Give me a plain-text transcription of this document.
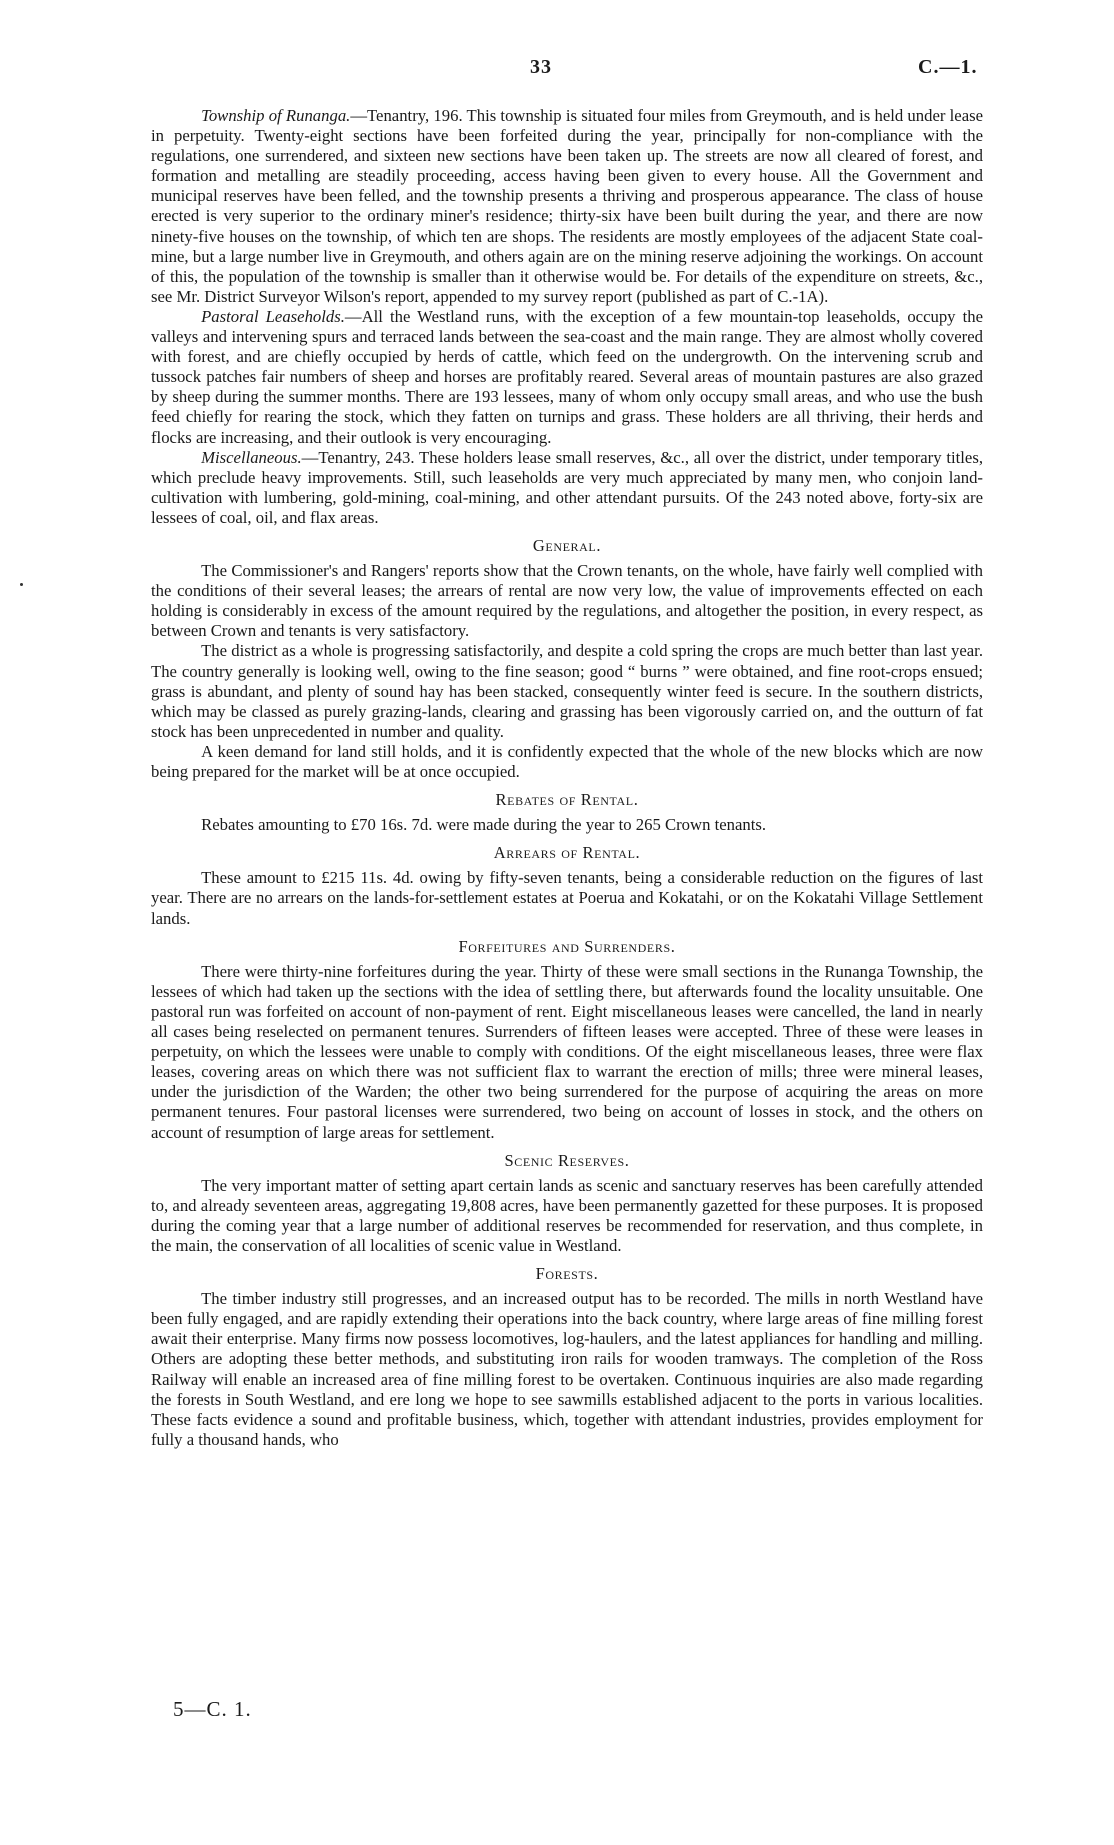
33	C.—1.

Township of Runanga.—Tenantry, 196. This township is situated four miles from Greymouth, and is held under lease in perpetuity. Twenty-eight sections have been forfeited during the year, principally for non-compliance with the regulations, one surrendered, and sixteen new sections have been taken up. The streets are now all cleared of forest, and formation and metalling are steadily proceeding, access having been given to every house. All the Government and municipal reserves have been felled, and the township presents a thriving and prosperous appearance. The class of house erected is very superior to the ordinary miner's residence; thirty-six have been built during the year, and there are now ninety-five houses on the township, of which ten are shops. The residents are mostly employees of the adjacent State coal-mine, but a large number live in Greymouth, and others again are on the mining reserve adjoining the workings. On account of this, the population of the township is smaller than it otherwise would be. For details of the expenditure on streets, &c., see Mr. District Surveyor Wilson's report, appended to my survey report (published as part of C.-1A).

Pastoral Leaseholds.—All the Westland runs, with the exception of a few mountain-top leaseholds, occupy the valleys and intervening spurs and terraced lands between the sea-coast and the main range. They are almost wholly covered with forest, and are chiefly occupied by herds of cattle, which feed on the undergrowth. On the intervening scrub and tussock patches fair numbers of sheep and horses are profitably reared. Several areas of mountain pastures are also grazed by sheep during the summer months. There are 193 lessees, many of whom only occupy small areas, and who use the bush feed chiefly for rearing the stock, which they fatten on turnips and grass. These holders are all thriving, their herds and flocks are increasing, and their outlook is very encouraging.

Miscellaneous.—Tenantry, 243. These holders lease small reserves, &c., all over the district, under temporary titles, which preclude heavy improvements. Still, such leaseholds are very much appreciated by many men, who conjoin land-cultivation with lumbering, gold-mining, coal-mining, and other attendant pursuits. Of the 243 noted above, forty-six are lessees of coal, oil, and flax areas.

General.

The Commissioner's and Rangers' reports show that the Crown tenants, on the whole, have fairly well complied with the conditions of their several leases; the arrears of rental are now very low, the value of improvements effected on each holding is considerably in excess of the amount required by the regulations, and altogether the position, in every respect, as between Crown and tenants is very satisfactory.

The district as a whole is progressing satisfactorily, and despite a cold spring the crops are much better than last year. The country generally is looking well, owing to the fine season; good “ burns ” were obtained, and fine root-crops ensued; grass is abundant, and plenty of sound hay has been stacked, consequently winter feed is secure. In the southern districts, which may be classed as purely grazing-lands, clearing and grassing has been vigorously carried on, and the outturn of fat stock has been unprecedented in number and quality.

A keen demand for land still holds, and it is confidently expected that the whole of the new blocks which are now being prepared for the market will be at once occupied.

Rebates of Rental.

Rebates amounting to £70 16s. 7d. were made during the year to 265 Crown tenants.

Arrears of Rental.

These amount to £215 11s. 4d. owing by fifty-seven tenants, being a considerable reduction on the figures of last year. There are no arrears on the lands-for-settlement estates at Poerua and Kokatahi, or on the Kokatahi Village Settlement lands.

Forfeitures and Surrenders.

There were thirty-nine forfeitures during the year. Thirty of these were small sections in the Runanga Township, the lessees of which had taken up the sections with the idea of settling there, but afterwards found the locality unsuitable. One pastoral run was forfeited on account of non-payment of rent. Eight miscellaneous leases were cancelled, the land in nearly all cases being reselected on permanent tenures. Surrenders of fifteen leases were accepted. Three of these were leases in perpetuity, on which the lessees were unable to comply with conditions. Of the eight miscellaneous leases, three were flax leases, covering areas on which there was not sufficient flax to warrant the erection of mills; three were mineral leases, under the jurisdiction of the Warden; the other two being surrendered for the purpose of acquiring the areas on more permanent tenures. Four pastoral licenses were surrendered, two being on account of losses in stock, and the others on account of resumption of large areas for settlement.

Scenic Reserves.

The very important matter of setting apart certain lands as scenic and sanctuary reserves has been carefully attended to, and already seventeen areas, aggregating 19,808 acres, have been permanently gazetted for these purposes. It is proposed during the coming year that a large number of additional reserves be recommended for reservation, and thus complete, in the main, the conservation of all localities of scenic value in Westland.

Forests.

The timber industry still progresses, and an increased output has to be recorded. The mills in north Westland have been fully engaged, and are rapidly extending their operations into the back country, where large areas of fine milling forest await their enterprise. Many firms now possess locomotives, log-haulers, and the latest appliances for handling and milling. Others are adopting these better methods, and substituting iron rails for wooden tramways. The completion of the Ross Railway will enable an increased area of fine milling forest to be overtaken. Continuous inquiries are also made regarding the forests in South Westland, and ere long we hope to see sawmills established adjacent to the ports in various localities. These facts evidence a sound and profitable business, which, together with attendant industries, provides employment for fully a thousand hands, who

5—C. 1.
